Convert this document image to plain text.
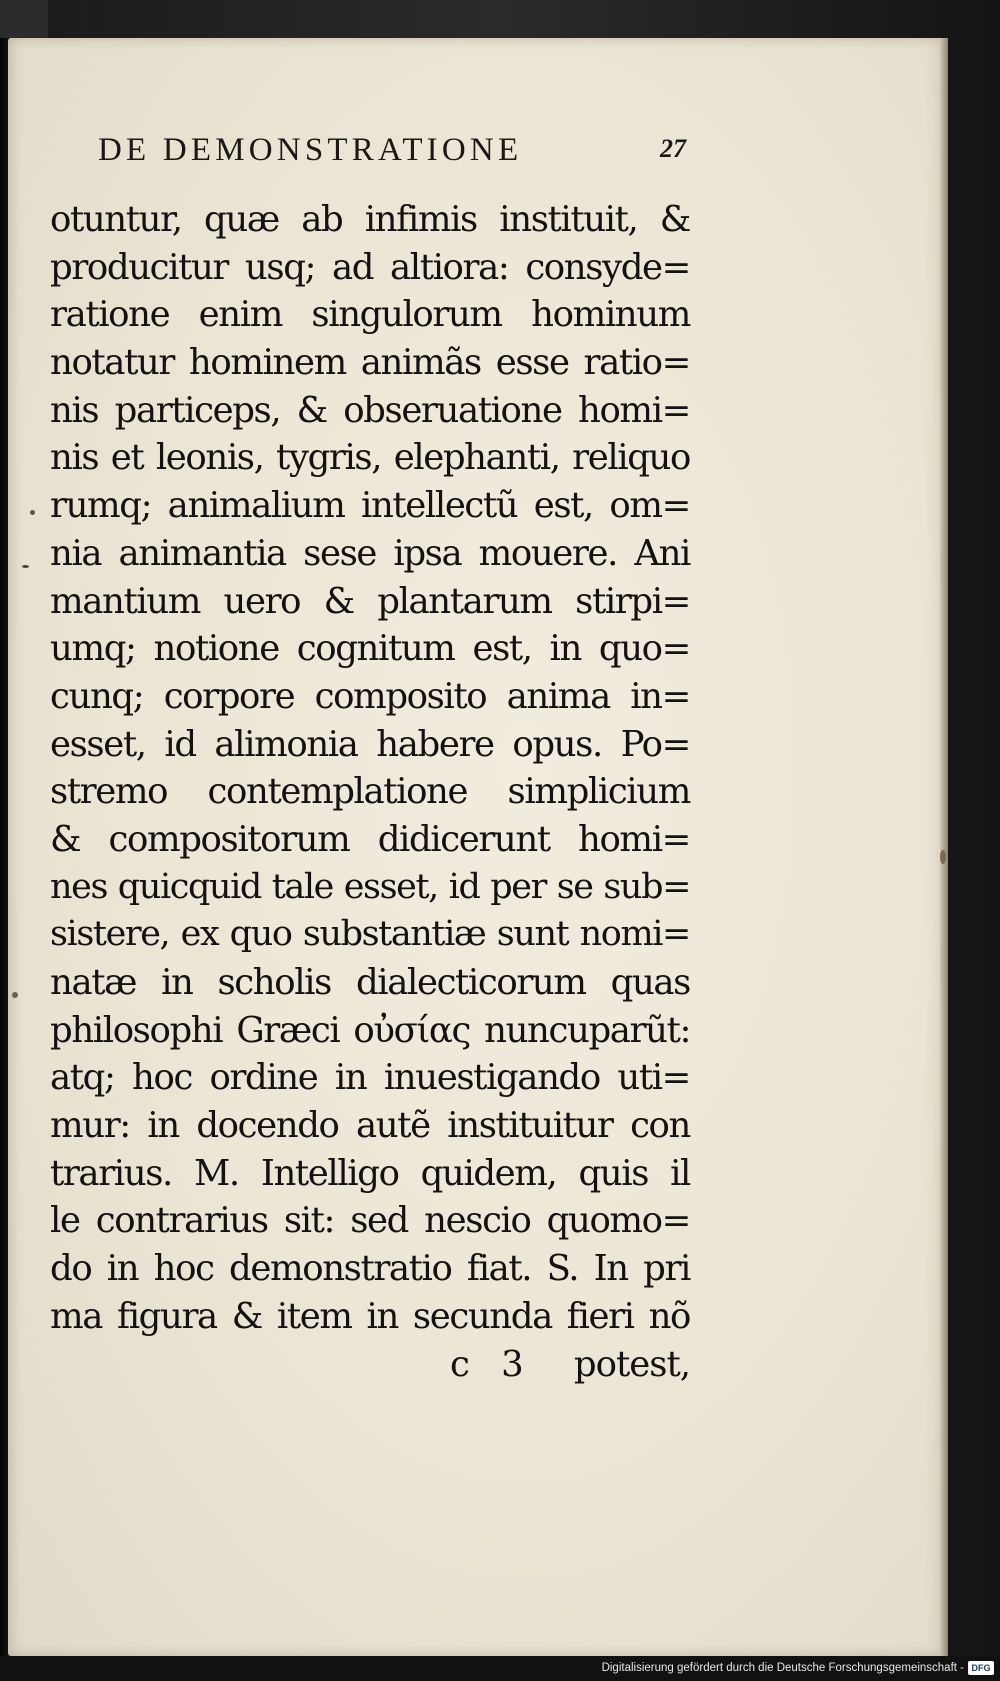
DE DEMONSTRATIONE	27
otuntur, quæ ab infimis instituit, &
producitur usq; ad altiora: consyde=
ratione enim singulorum hominum
notatur hominem animãs esse ratio=
nis particeps, & obseruatione homi=
nis et leonis, tygris, elephanti, reliquo
rumq; animalium intellectũ est, om=
nia animantia sese ipsa mouere. Ani
mantium uero & plantarum stirpi=
umq; notione cognitum est, in quo=
cunq; corpore composito anima in=
esset, id alimonia habere opus. Po=
stremo contemplatione simplicium
& compositorum didicerunt homi=
nes quicquid tale esset, id per se sub=
sistere, ex quo substantiæ sunt nomi=
natæ in scholis dialecticorum quas
philosophi Græci οὐσίας nuncuparũt:
atq; hoc ordine in inuestigando uti=
mur: in docendo autẽ instituitur con
trarius. M. Intelligo quidem, quis il
le contrarius sit: sed nescio quomo=
do in hoc demonstratio fiat. S. In pri
ma figura & item in secunda fieri nõ
c 3 potest,
Digitalisierung gefördert durch die Deutsche Forschungsgemeinschaft - DFG
